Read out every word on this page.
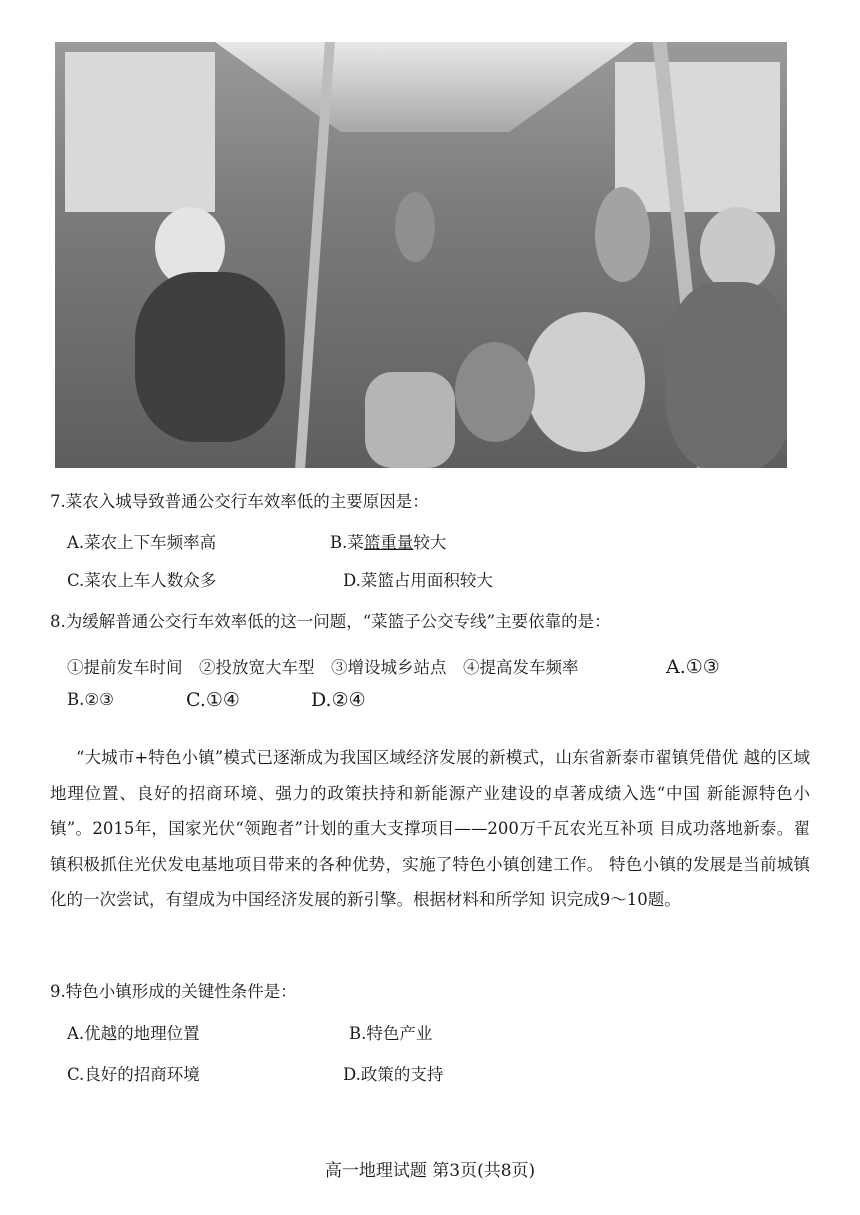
7.菜农入城导致普通公交行车效率低的主要原因是：
A.菜农上下车频率高	B.菜篮重量较大
C.菜农上车人数众多	D.菜篮占用面积较大
8.为缓解普通公交行车效率低的这一问题，“菜篮子公交专线”主要依靠的是：
①提前发车时间　②投放宽大车型　③增设城乡站点　④提高发车频率	A.①③
B.②③	C.①④	D.②④
“大城市+特色小镇”模式已逐渐成为我国区域经济发展的新模式，山东省新泰市翟镇凭借优 越的区域地理位置、良好的招商环境、强力的政策扶持和新能源产业建设的卓著成绩入选“中国 新能源特色小镇”。2015年，国家光伏“领跑者”计划的重大支撑项目——200万千瓦农光互补项 目成功落地新泰。翟镇积极抓住光伏发电基地项目带来的各种优势，实施了特色小镇创建工作。 特色小镇的发展是当前城镇化的一次尝试，有望成为中国经济发展的新引擎。根据材料和所学知 识完成9～10题。
9.特色小镇形成的关键性条件是：
A.优越的地理位置	B.特色产业
C.良好的招商环境	D.政策的支持
高一地理试题 第3页(共8页)
